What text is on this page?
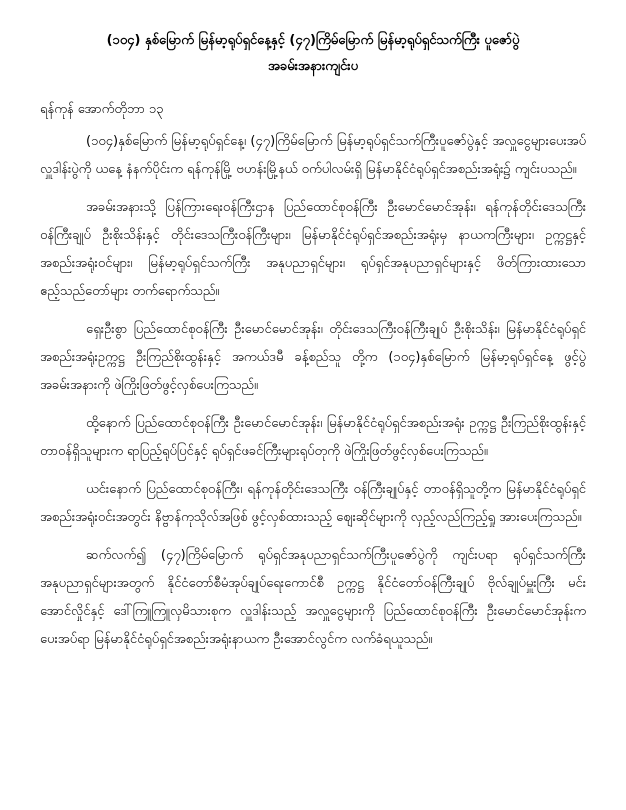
(၁၀၄) နှစ်မြောက် မြန်မာ့ရုပ်ရှင်နေ့နှင့် (၄၇)ကြိမ်မြောက် မြန်မာ့ရုပ်ရှင်သက်ကြီး ပူဇော်ပွဲ
အခမ်းအနားကျင်းပ
ရန်ကုန် အောက်တိုဘာ ၁၃

(၁၀၄)နှစ်မြောက် မြန်မာ့ရုပ်ရှင်နေ့၊ (၄၇)ကြိမ်မြောက် မြန်မာ့ရုပ်ရှင်သက်ကြီးပူဇော်ပွဲနှင့် အလှူငွေများပေးအပ်လှူဒါန်းပွဲကို ယနေ့ နံနက်ပိုင်းက ရန်ကုန်မြို့ ဗဟန်းမြို့နယ် ဝက်ပါလမ်းရှိ မြန်မာနိုင်ငံရုပ်ရှင်အစည်းအရုံး၌ ကျင်းပသည်။

အခမ်းအနားသို့ ပြန်ကြားရေးဝန်ကြီးဌာန ပြည်ထောင်စုဝန်ကြီး ဦးမောင်မောင်အုန်း၊ ရန်ကုန်တိုင်းဒေသကြီးဝန်ကြီးချုပ် ဦးစိုးသိန်းနှင့် တိုင်းဒေသကြီးဝန်ကြီးများ၊ မြန်မာနိုင်ငံရုပ်ရှင်အစည်းအရုံးမှ နာယကကြီးများ၊ ဥက္ကဋ္ဌနှင့် အစည်းအရုံးဝင်များ၊ မြန်မာ့ရုပ်ရှင်သက်ကြီး အနုပညာရှင်များ၊ ရုပ်ရှင်အနုပညာရှင်များနှင့် ဖိတ်ကြားထားသော ဧည့်သည်တော်များ တက်ရောက်သည်။

ရှေးဦးစွာ ပြည်ထောင်စုဝန်ကြီး ဦးမောင်မောင်အုန်း၊ တိုင်းဒေသကြီးဝန်ကြီးချုပ် ဦးစိုးသိန်း၊ မြန်မာနိုင်ငံရုပ်ရှင်အစည်းအရုံးဥက္ကဋ္ဌ ဦးကြည်စိုးထွန်းနှင့် အကယ်ဒမီ ခန့်စည်သူ တို့က (၁၀၄)နှစ်မြောက် မြန်မာ့ရုပ်ရှင်နေ့ ဖွင့်ပွဲအခမ်းအနားကို ဖဲကြိုးဖြတ်ဖွင့်လှစ်ပေးကြသည်။

ထို့နောက် ပြည်ထောင်စုဝန်ကြီး ဦးမောင်မောင်အုန်း၊ မြန်မာနိုင်ငံရုပ်ရှင်အစည်းအရုံး ဥက္ကဋ္ဌ ဦးကြည်စိုးထွန်းနှင့် တာဝန်ရှိသူများက ရာပြည့်ရုပ်ပြင်နှင့် ရုပ်ရှင်ဖခင်ကြီးများရုပ်တုကို ဖဲကြိုးဖြတ်ဖွင့်လှစ်ပေးကြသည်။

ယင်းနောက် ပြည်ထောင်စုဝန်ကြီး၊ ရန်ကုန်တိုင်းဒေသကြီး ဝန်ကြီးချုပ်နှင့် တာဝန်ရှိသူတို့က မြန်မာနိုင်ငံရုပ်ရှင်အစည်းအရုံးဝင်းအတွင်း နိဗ္ဗာန်ကုသိုလ်အဖြစ် ဖွင့်လှစ်ထားသည့် စျေးဆိုင်များကို လှည့်လည်ကြည့်ရှု အားပေးကြသည်။

ဆက်လက်၍ (၄၇)ကြိမ်မြောက် ရုပ်ရှင်အနုပညာရှင်သက်ကြီးပူဇော်ပွဲကို ကျင်းပရာ ရုပ်ရှင်သက်ကြီးအနုပညာရှင်များအတွက် နိုင်ငံတော်စီမံအုပ်ချုပ်ရေးကောင်စီ ဥက္ကဋ္ဌ နိုင်ငံတော်ဝန်ကြီးချုပ် ဗိုလ်ချုပ်မှူးကြီး မင်းအောင်လှိုင်နှင့် ဒေါ်ကြူကြူလှမိသားစုက လှူဒါန်းသည့် အလှူငွေများကို ပြည်ထောင်စုဝန်ကြီး ဦးမောင်မောင်အုန်းက ပေးအပ်ရာ မြန်မာနိုင်ငံရုပ်ရှင်အစည်းအရုံးနာယက ဦးအောင်လွင်က လက်ခံရယူသည်။
